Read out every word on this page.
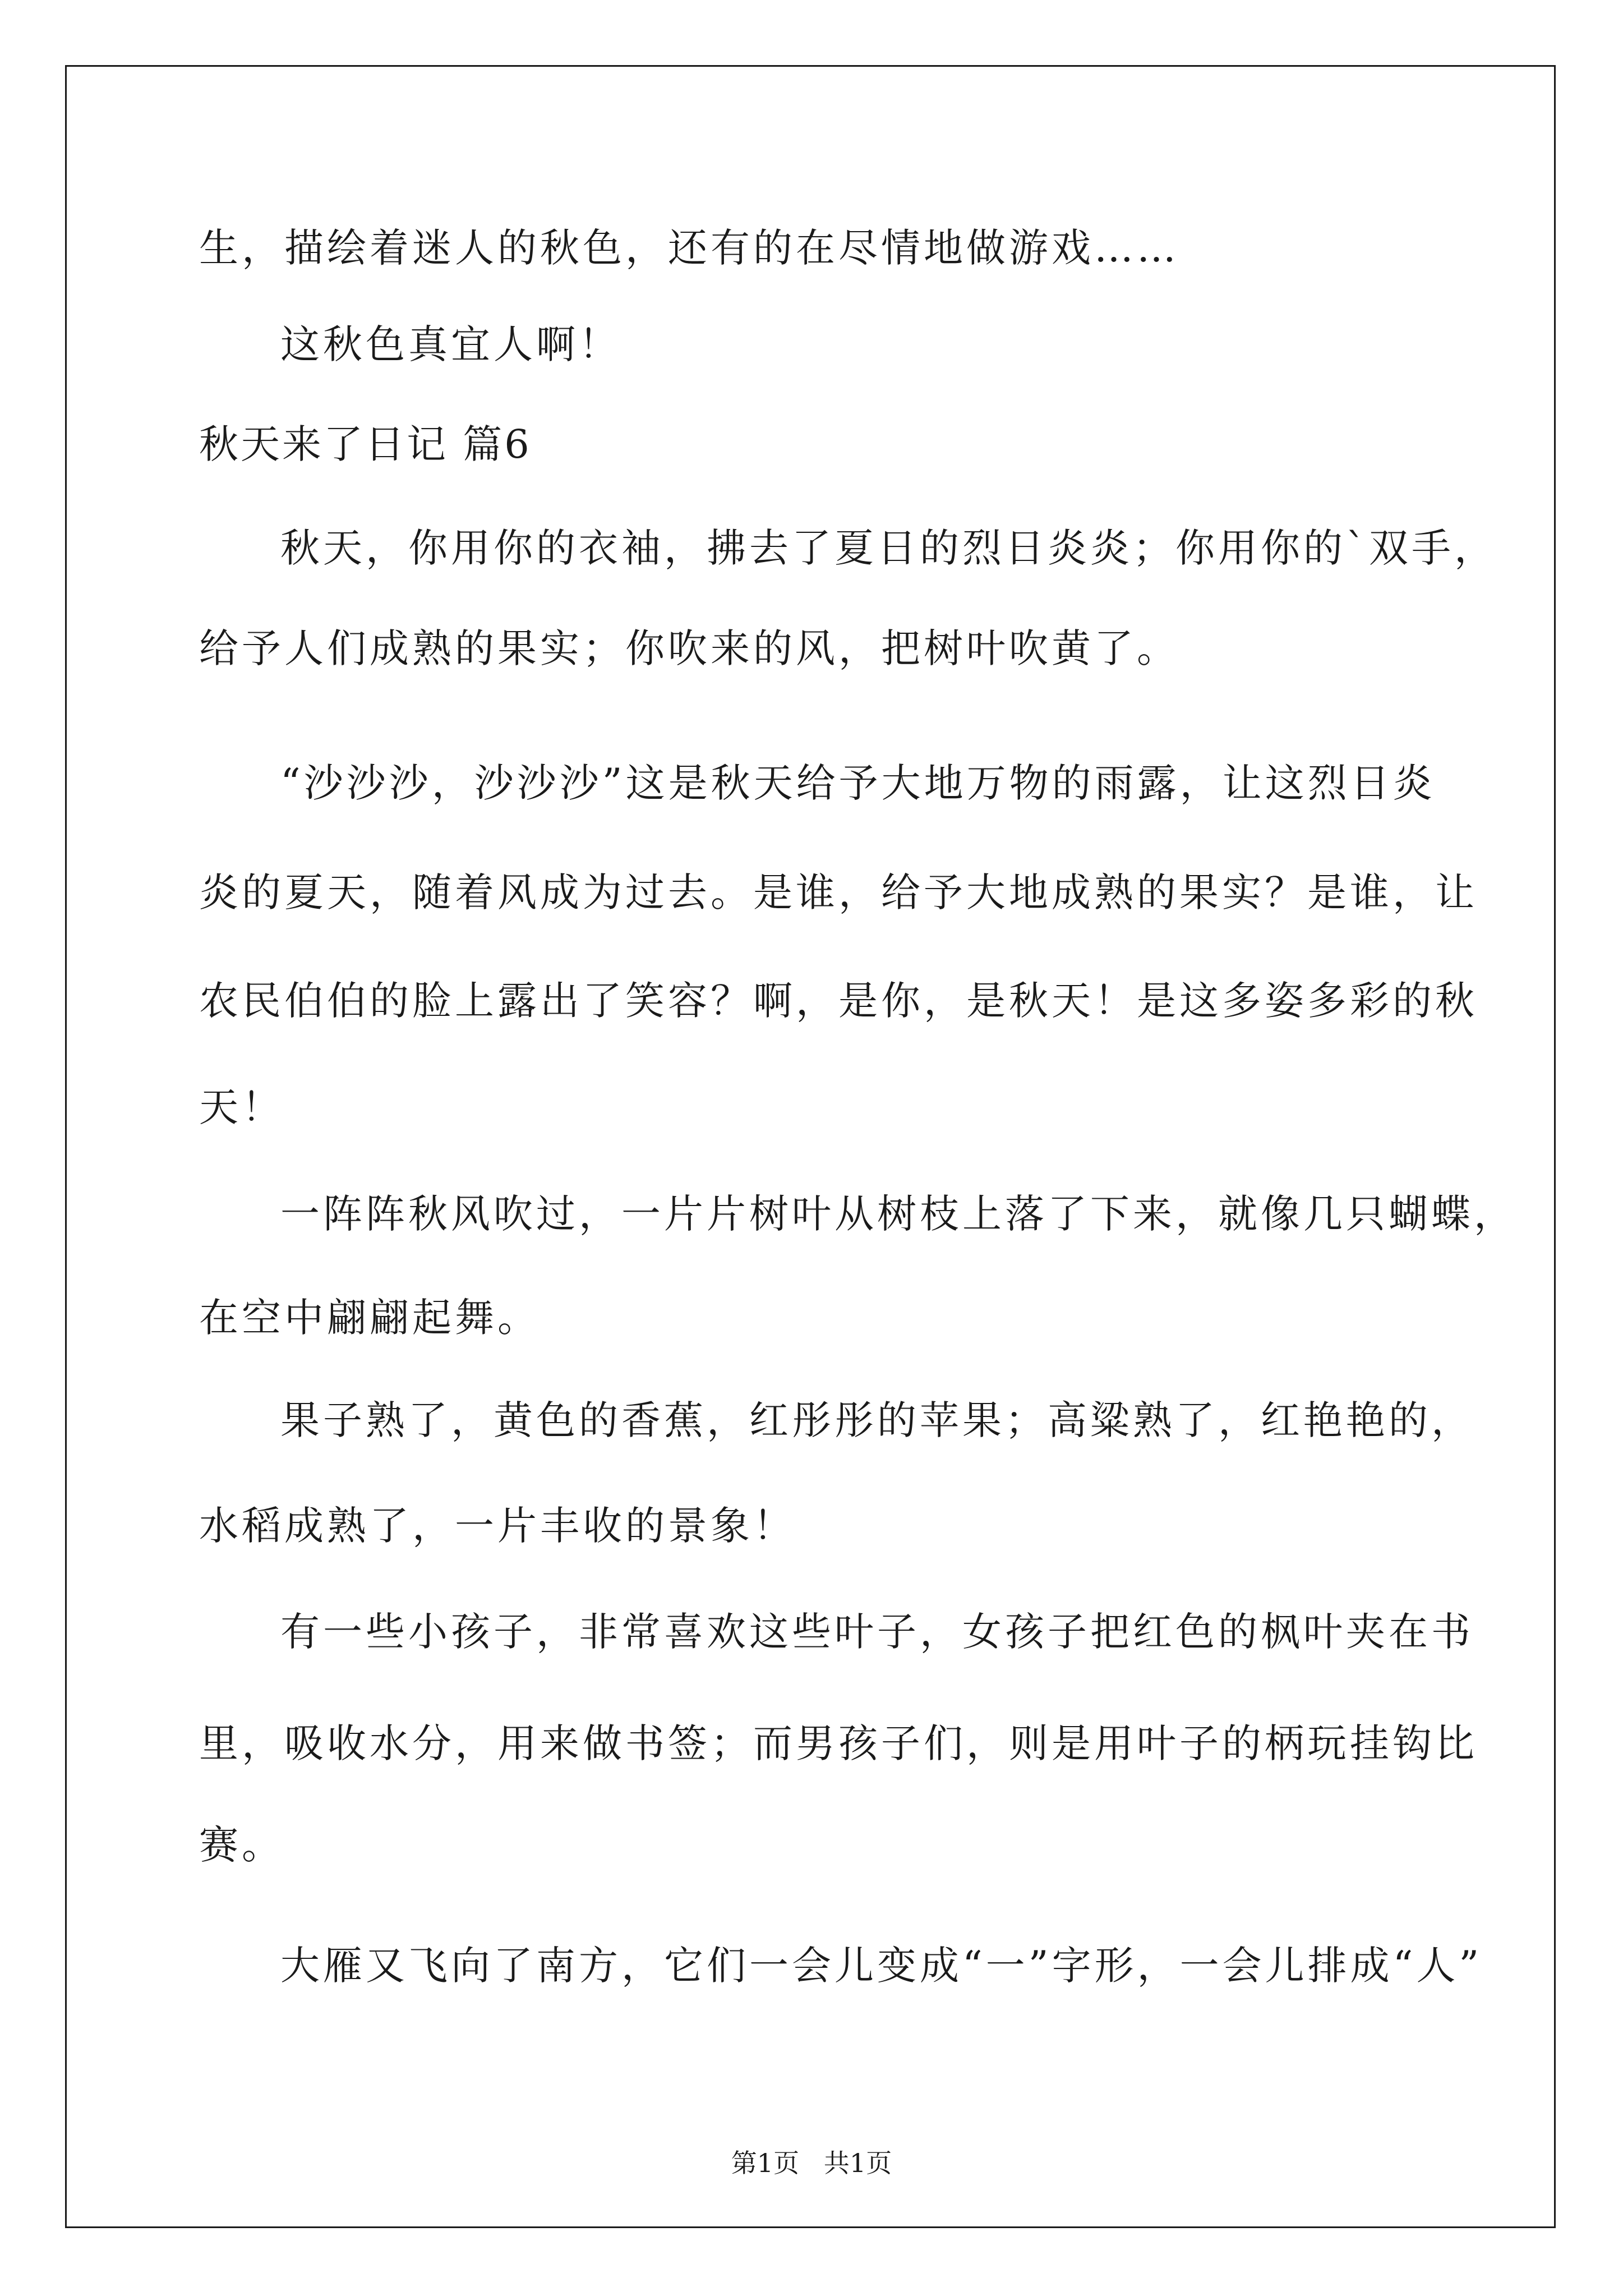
生，描绘着迷人的秋色，还有的在尽情地做游戏……

这秋色真宜人啊！

秋天来了日记 篇6

秋天，你用你的衣袖，拂去了夏日的烈日炎炎；你用你的`双手，

给予人们成熟的果实；你吹来的风，把树叶吹黄了。

“沙沙沙，沙沙沙”这是秋天给予大地万物的雨露，让这烈日炎

炎的夏天，随着风成为过去。是谁，给予大地成熟的果实？是谁，让

农民伯伯的脸上露出了笑容？啊，是你，是秋天！是这多姿多彩的秋

天！

一阵阵秋风吹过，一片片树叶从树枝上落了下来，就像几只蝴蝶，

在空中翩翩起舞。

果子熟了，黄色的香蕉，红彤彤的苹果；高粱熟了，红艳艳的，

水稻成熟了，一片丰收的景象！

有一些小孩子，非常喜欢这些叶子，女孩子把红色的枫叶夹在书

里，吸收水分，用来做书签；而男孩子们，则是用叶子的柄玩挂钩比

赛。

大雁又飞向了南方，它们一会儿变成“一”字形，一会儿排成“人”

第1页   共1页
